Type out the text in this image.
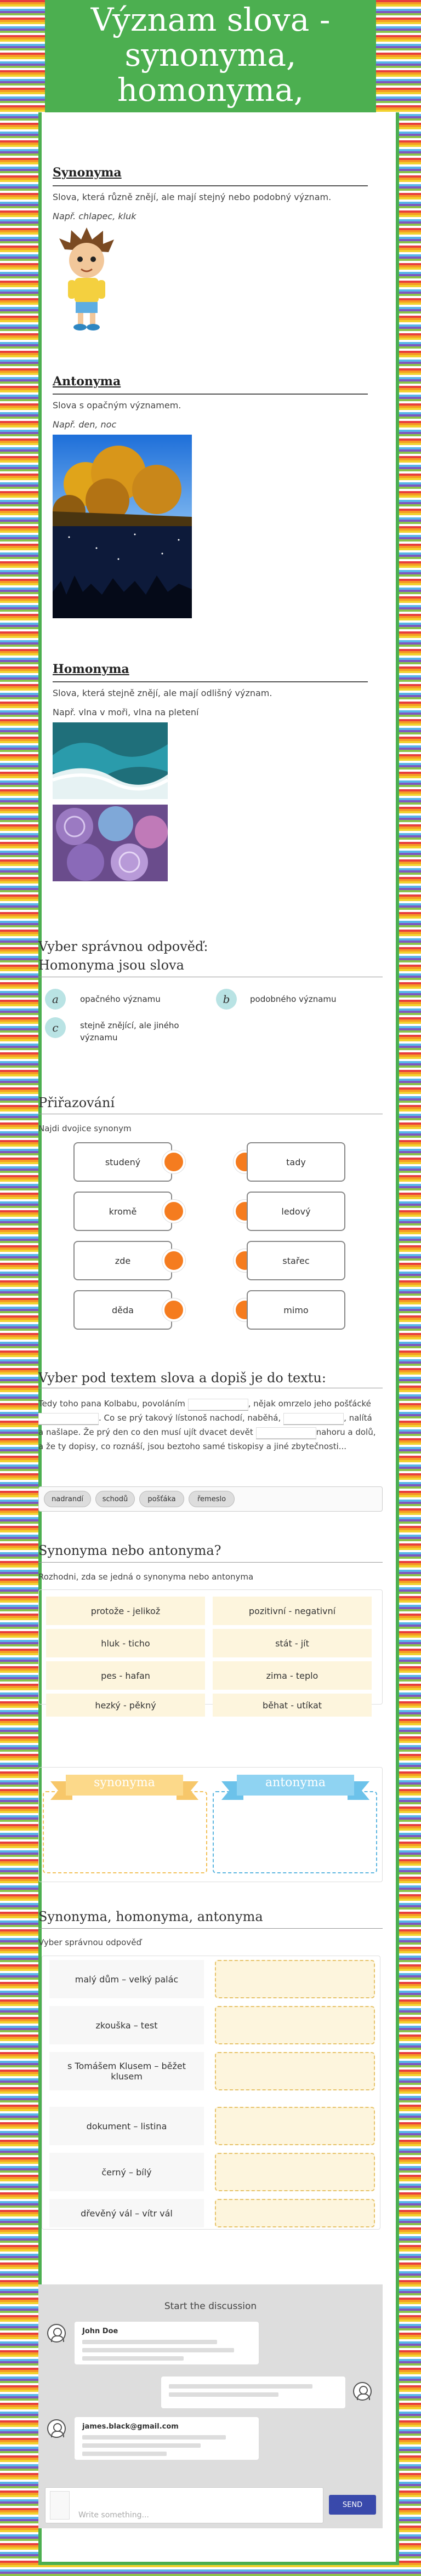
Význam slova - synonyma, homonyma,
Synonyma
Slova, která různě znějí, ale mají stejný nebo podobný význam.
Např. chlapec, kluk
Antonyma
Slova s opačným významem.
Např. den, noc
Homonyma
Slova, která stejně znějí, ale mají odlišný význam.
Např. vlna v moři, vlna na pletení
Vyber správnou odpověď:
Homonyma jsou slova
a	opačného významu	b	podobného významu
c	stejně znějící, ale jiného významu
Přiřazování
Najdi dvojice synonym
studený	tady
kromě	ledový
zde	stařec
děda	mimo
Vyber pod textem slova a dopiš je do textu:
Tedy toho pana Kolbabu, povoláním	, nějak omrzelo jeho pošťácké . Co se prý takový lístonoš nachodí, naběhá,	, nalítá a našlape. Že prý den co den musí ujít dvacet devět	nahoru a dolů, a že ty dopisy, co roznáší, jsou beztoho samé tiskopisy a jiné zbytečnosti...
nadrandí	schodů	pošťáka	řemeslo
Synonyma nebo antonyma?
Rozhodni, zda se jedná o synonyma nebo antonyma
protože - jelikož	pozitivní - negativní
hluk - ticho	stát - jít
pes - hafan	zima - teplo
hezký - pěkný	běhat - utíkat
synonyma	antonyma
Synonyma, homonyma, antonyma
Vyber správnou odpověď
malý dům – velký palác
zkouška – test
s Tomášem Klusem – běžet klusem
dokument – listina
černý – bílý
dřevěný vál – vítr vál
Start the discussion
John Doe
james.black@gmail.com
Write something...
SEND
